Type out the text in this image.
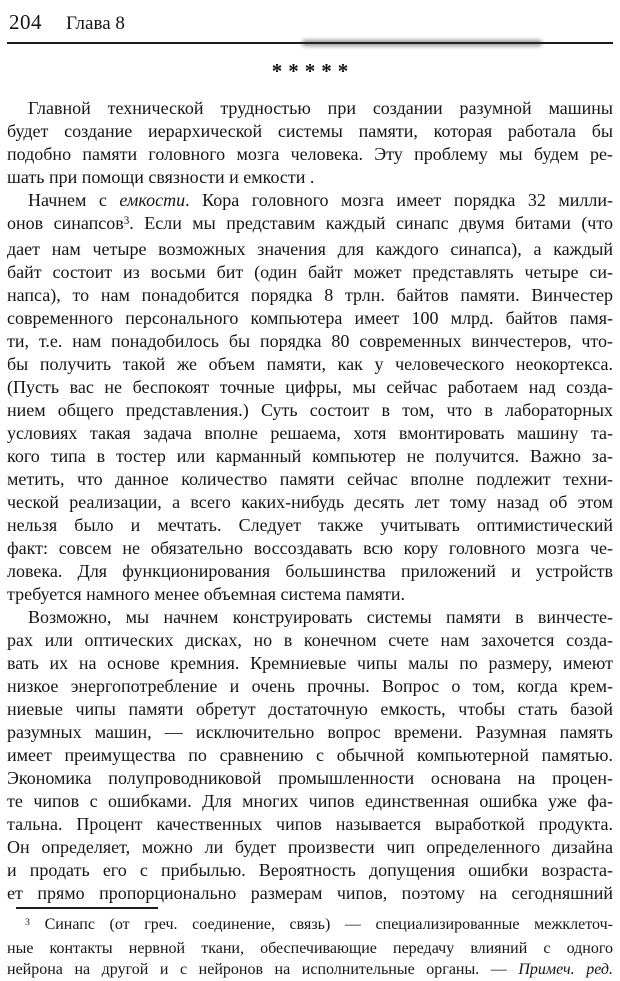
204 Глава 8
*****
Главной технической трудностью при создании разумной машины
будет создание иерархической системы памяти, которая работала бы
подобно памяти головного мозга человека. Эту проблему мы будем ре-
шать при помощи связности и емкости .
Начнем с емкости. Кора головного мозга имеет порядка 32 милли-
онов синапсов$^3$. Если мы представим каждый синапс двумя битами (что
дает нам четыре возможных значения для каждого синапса), а каждый
байт состоит из восьми бит (один байт может представлять четыре си-
напса), то нам понадобится порядка 8 трлн. байтов памяти. Винчестер
современного персонального компьютера имеет 100 млрд. байтов памя-
ти, т.е. нам понадобилось бы порядка 80 современных винчестеров, что-
бы получить такой же объем памяти, как у человеческого неокортекса.
(Пусть вас не беспокоят точные цифры, мы сейчас работаем над созда-
нием общего представления.) Суть состоит в том, что в лабораторных
условиях такая задача вполне решаема, хотя вмонтировать машину та-
кого типа в тостер или карманный компьютер не получится. Важно за-
метить, что данное количество памяти сейчас вполне подлежит техни-
ческой реализации, а всего каких-нибудь десять лет тому назад об этом
нельзя было и мечтать. Следует также учитывать оптимистический
факт: совсем не обязательно воссоздавать всю кору головного мозга че-
ловека. Для функционирования большинства приложений и устройств
требуется намного менее объемная система памяти.
Возможно, мы начнем конструировать системы памяти в винчесте-
рах или оптических дисках, но в конечном счете нам захочется созда-
вать их на основе кремния. Кремниевые чипы малы по размеру, имеют
низкое энергопотребление и очень прочны. Вопрос о том, когда крем-
ниевые чипы памяти обретут достаточную емкость, чтобы стать базой
разумных машин, — исключительно вопрос времени. Разумная память
имеет преимущества по сравнению с обычной компьютерной памятью.
Экономика полупроводниковой промышленности основана на процен-
те чипов с ошибками. Для многих чипов единственная ошибка уже фа-
тальна. Процент качественных чипов называется выработкой продукта.
Он определяет, можно ли будет произвести чип определенного дизайна
и продать его с прибылью. Вероятность допущения ошибки возраста-
ет прямо пропорционально размерам чипов, поэтому на сегодняшний
$^3$ Синапс (от греч. соединение, связь) — специализированные межклеточ-
ные контакты нервной ткани, обеспечивающие передачу влияний с одного
нейрона на другой и с нейронов на исполнительные органы. — Примеч. ред.
